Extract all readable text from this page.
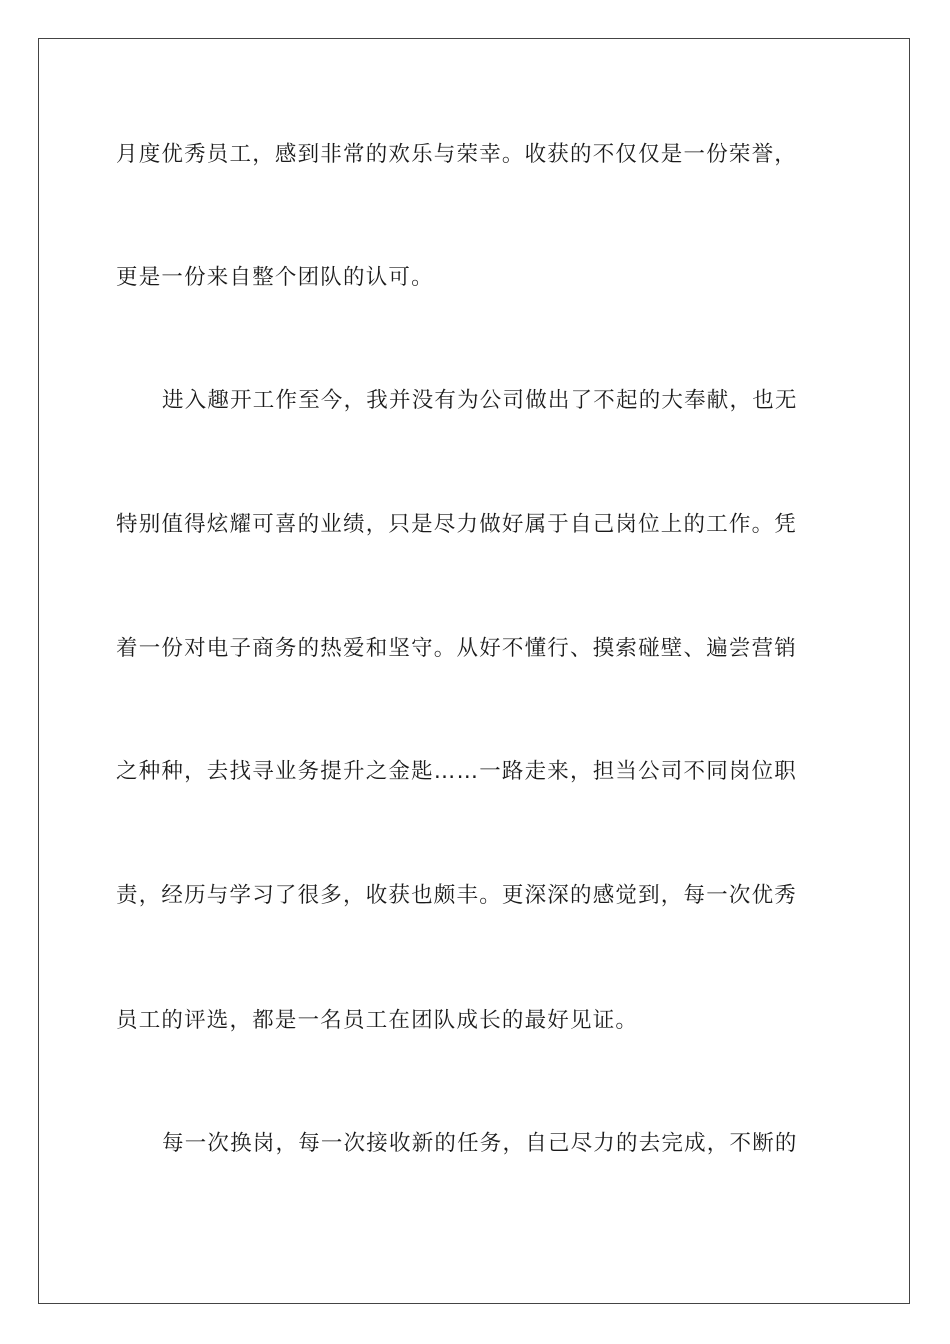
月度优秀员工，感到非常的欢乐与荣幸。收获的不仅仅是一份荣誉，
更是一份来自整个团队的认可。
进入趣开工作至今，我并没有为公司做出了不起的大奉献，也无
特别值得炫耀可喜的业绩，只是尽力做好属于自己岗位上的工作。凭
着一份对电子商务的热爱和坚守。从好不懂行、摸索碰壁、遍尝营销
之种种，去找寻业务提升之金匙……一路走来，担当公司不同岗位职
责，经历与学习了很多，收获也颇丰。更深深的感觉到，每一次优秀
员工的评选，都是一名员工在团队成长的最好见证。
每一次换岗，每一次接收新的任务，自己尽力的去完成，不断的
